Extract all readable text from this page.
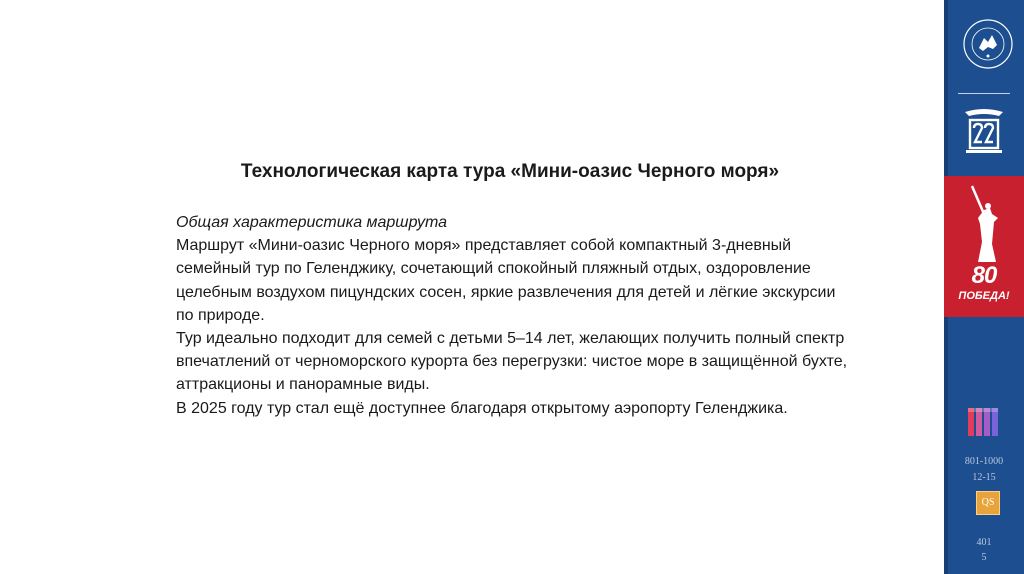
Технологическая карта тура «Мини-оазис Черного моря»

Общая характеристика маршрута

Маршрут «Мини-оазис Черного моря» представляет собой компактный 3-дневный семейный тур по Геленджику, сочетающий спокойный пляжный отдых, оздоровление целебным воздухом пицундских сосен, яркие развлечения для детей и лёгкие экскурсии по природе.

Тур идеально подходит для семей с детьми 5–14 лет, желающих получить полный спектр впечатлений от черноморского курорта без перегрузки: чистое море в защищённой бухте, аттракционы и панорамные виды.

В 2025 году тур стал ещё доступнее благодаря открытому аэропорту Геленджика.

80
ПОБЕДА!
801-1000
12-15
QS
401
5
